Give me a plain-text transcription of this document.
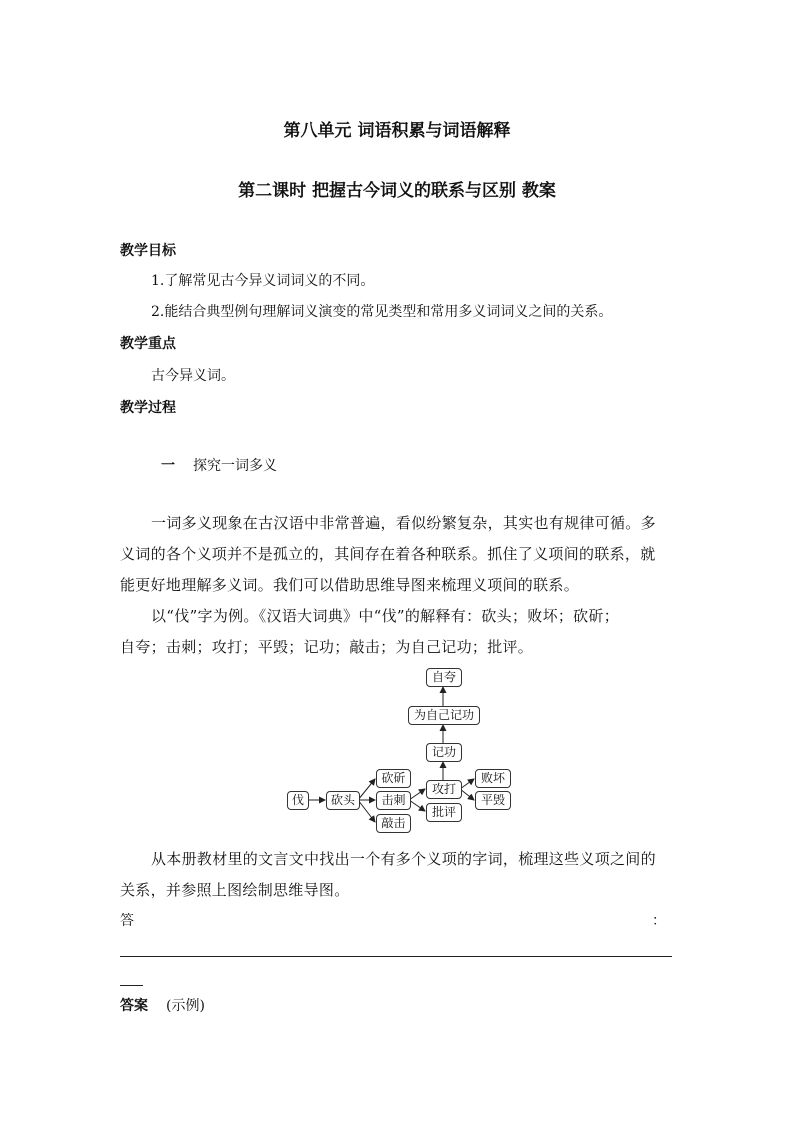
第八单元 词语积累与词语解释
第二课时 把握古今词义的联系与区别 教案
教学目标
1.了解常见古今异义词词义的不同。
2.能结合典型例句理解词义演变的常见类型和常用多义词词义之间的关系。
教学重点
古今异义词。
教学过程
一 探究一词多义
一词多义现象在古汉语中非常普遍，看似纷繁复杂，其实也有规律可循。多
义词的各个义项并不是孤立的，其间存在着各种联系。抓住了义项间的联系，就
能更好地理解多义词。我们可以借助思维导图来梳理义项间的联系。
以“伐”字为例。《汉语大词典》中“伐”的解释有：砍头；败坏；砍斫；
自夸；击刺；攻打；平毁；记功；敲击；为自己记功；批评。
伐	砍头
砍斫
击刺
敲击
攻打
批评
败坏
平毁
记功
为自己记功
自夸
从本册教材里的文言文中找出一个有多个义项的字词，梳理这些义项之间的
关系，并参照上图绘制思维导图。
答	：
答案 (示例)
